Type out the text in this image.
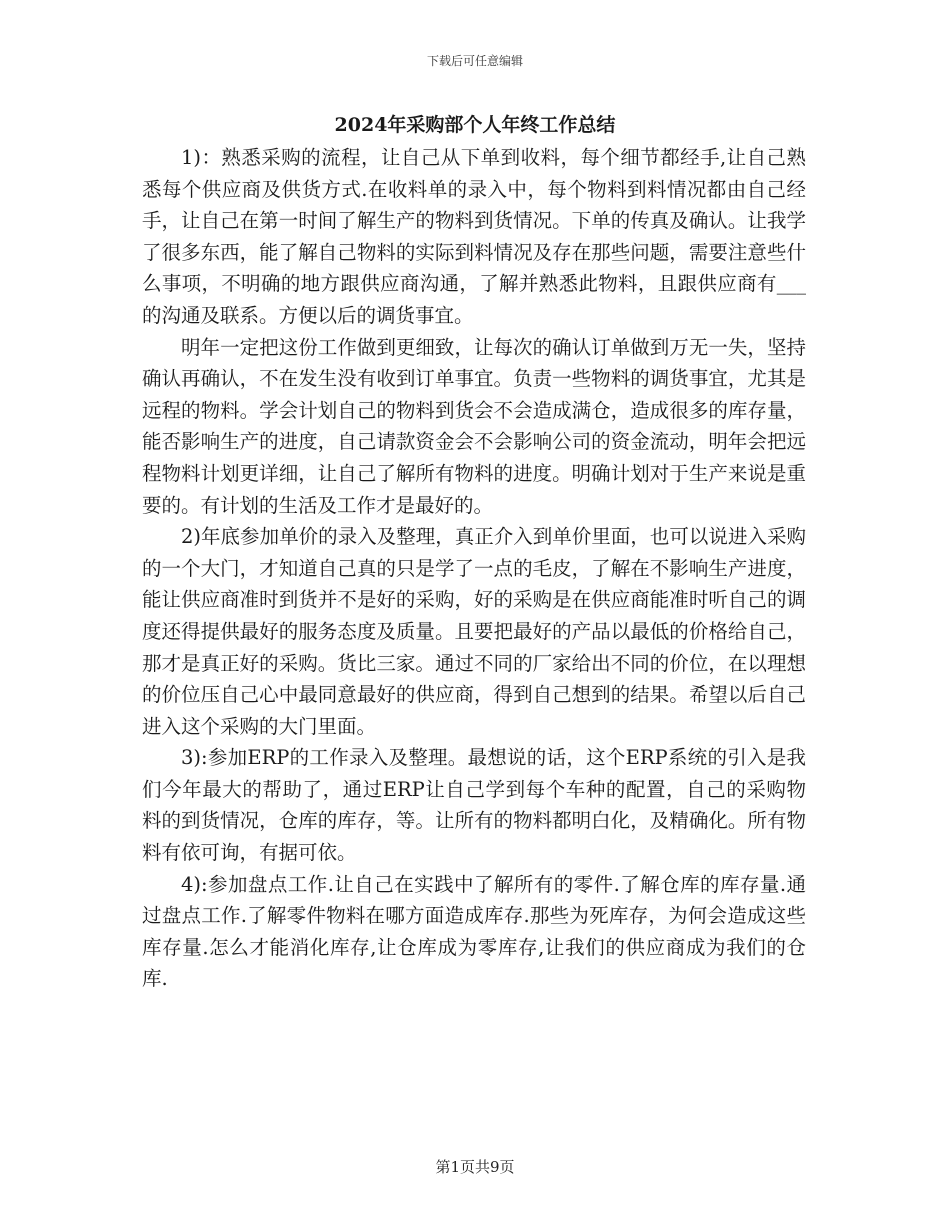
下载后可任意编辑
2024年采购部个人年终工作总结

1)：熟悉采购的流程，让自己从下单到收料，每个细节都经手,让自己熟悉每个供应商及供货方式.在收料单的录入中，每个物料到料情况都由自己经手，让自己在第一时间了解生产的物料到货情况。下单的传真及确认。让我学了很多东西，能了解自己物料的实际到料情况及存在那些问题，需要注意些什么事项，不明确的地方跟供应商沟通，了解并熟悉此物料，且跟供应商有___的沟通及联系。方便以后的调货事宜。

明年一定把这份工作做到更细致，让每次的确认订单做到万无一失，坚持确认再确认，不在发生没有收到订单事宜。负责一些物料的调货事宜，尤其是远程的物料。学会计划自己的物料到货会不会造成满仓，造成很多的库存量，能否影响生产的进度，自己请款资金会不会影响公司的资金流动，明年会把远程物料计划更详细，让自己了解所有物料的进度。明确计划对于生产来说是重要的。有计划的生活及工作才是最好的。

2)年底参加单价的录入及整理，真正介入到单价里面，也可以说进入采购的一个大门，才知道自己真的只是学了一点的毛皮，了解在不影响生产进度，能让供应商准时到货并不是好的采购，好的采购是在供应商能准时听自己的调度还得提供最好的服务态度及质量。且要把最好的产品以最低的价格给自己，那才是真正好的采购。货比三家。通过不同的厂家给出不同的价位，在以理想的价位压自己心中最同意最好的供应商，得到自己想到的结果。希望以后自己进入这个采购的大门里面。

3):参加ERP的工作录入及整理。最想说的话，这个ERP系统的引入是我们今年最大的帮助了，通过ERP让自己学到每个车种的配置，自己的采购物料的到货情况，仓库的库存，等。让所有的物料都明白化，及精确化。所有物料有依可询，有据可依。

4):参加盘点工作.让自己在实践中了解所有的零件.了解仓库的库存量.通过盘点工作.了解零件物料在哪方面造成库存.那些为死库存，为何会造成这些库存量.怎么才能消化库存,让仓库成为零库存,让我们的供应商成为我们的仓库.

第1页共9页
